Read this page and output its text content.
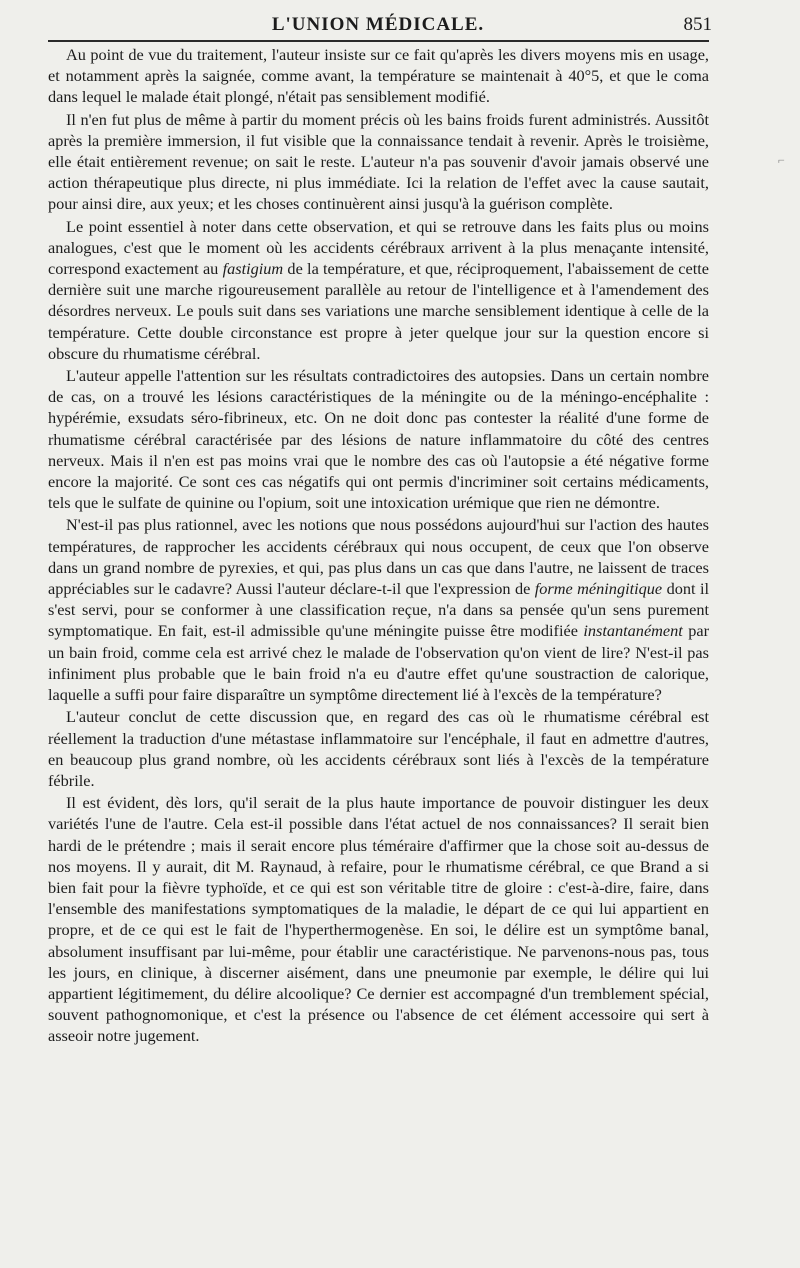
L'UNION MÉDICALE.	851

Au point de vue du traitement, l'auteur insiste sur ce fait qu'après les divers moyens mis en usage, et notamment après la saignée, comme avant, la température se maintenait à 40°5, et que le coma dans lequel le malade était plongé, n'était pas sensiblement modifié.

Il n'en fut plus de même à partir du moment précis où les bains froids furent administrés. Aussitôt après la première immersion, il fut visible que la connaissance tendait à revenir. Après le troisième, elle était entièrement revenue; on sait le reste. L'auteur n'a pas souvenir d'avoir jamais observé une action thérapeutique plus directe, ni plus immédiate. Ici la relation de l'effet avec la cause sautait, pour ainsi dire, aux yeux; et les choses continuèrent ainsi jusqu'à la guérison complète.

Le point essentiel à noter dans cette observation, et qui se retrouve dans les faits plus ou moins analogues, c'est que le moment où les accidents cérébraux arrivent à la plus menaçante intensité, correspond exactement au fastigium de la température, et que, réciproquement, l'abaissement de cette dernière suit une marche rigoureusement parallèle au retour de l'intelligence et à l'amendement des désordres nerveux. Le pouls suit dans ses variations une marche sensiblement identique à celle de la température. Cette double circonstance est propre à jeter quelque jour sur la question encore si obscure du rhumatisme cérébral.

L'auteur appelle l'attention sur les résultats contradictoires des autopsies. Dans un certain nombre de cas, on a trouvé les lésions caractéristiques de la méningite ou de la méningo-encéphalite : hypérémie, exsudats séro-fibrineux, etc. On ne doit donc pas contester la réalité d'une forme de rhumatisme cérébral caractérisée par des lésions de nature inflammatoire du côté des centres nerveux. Mais il n'en est pas moins vrai que le nombre des cas où l'autopsie a été négative forme encore la majorité. Ce sont ces cas négatifs qui ont permis d'incriminer soit certains médicaments, tels que le sulfate de quinine ou l'opium, soit une intoxication urémique que rien ne démontre.

N'est-il pas plus rationnel, avec les notions que nous possédons aujourd'hui sur l'action des hautes températures, de rapprocher les accidents cérébraux qui nous occupent, de ceux que l'on observe dans un grand nombre de pyrexies, et qui, pas plus dans un cas que dans l'autre, ne laissent de traces appréciables sur le cadavre? Aussi l'auteur déclare-t-il que l'expression de forme méningitique dont il s'est servi, pour se conformer à une classification reçue, n'a dans sa pensée qu'un sens purement symptomatique. En fait, est-il admissible qu'une méningite puisse être modifiée instantanément par un bain froid, comme cela est arrivé chez le malade de l'observation qu'on vient de lire? N'est-il pas infiniment plus probable que le bain froid n'a eu d'autre effet qu'une soustraction de calorique, laquelle a suffi pour faire disparaître un symptôme directement lié à l'excès de la température?

L'auteur conclut de cette discussion que, en regard des cas où le rhumatisme cérébral est réellement la traduction d'une métastase inflammatoire sur l'encéphale, il faut en admettre d'autres, en beaucoup plus grand nombre, où les accidents cérébraux sont liés à l'excès de la température fébrile.

Il est évident, dès lors, qu'il serait de la plus haute importance de pouvoir distinguer les deux variétés l'une de l'autre. Cela est-il possible dans l'état actuel de nos connaissances? Il serait bien hardi de le prétendre ; mais il serait encore plus téméraire d'affirmer que la chose soit au-dessus de nos moyens. Il y aurait, dit M. Raynaud, à refaire, pour le rhumatisme cérébral, ce que Brand a si bien fait pour la fièvre typhoïde, et ce qui est son véritable titre de gloire : c'est-à-dire, faire, dans l'ensemble des manifestations symptomatiques de la maladie, le départ de ce qui lui appartient en propre, et de ce qui est le fait de l'hyperthermogenèse. En soi, le délire est un symptôme banal, absolument insuffisant par lui-même, pour établir une caractéristique. Ne parvenons-nous pas, tous les jours, en clinique, à discerner aisément, dans une pneumonie par exemple, le délire qui lui appartient légitimement, du délire alcoolique? Ce dernier est accompagné d'un tremblement spécial, souvent pathognomonique, et c'est la présence ou l'absence de cet élément accessoire qui sert à asseoir notre jugement.

⌐
